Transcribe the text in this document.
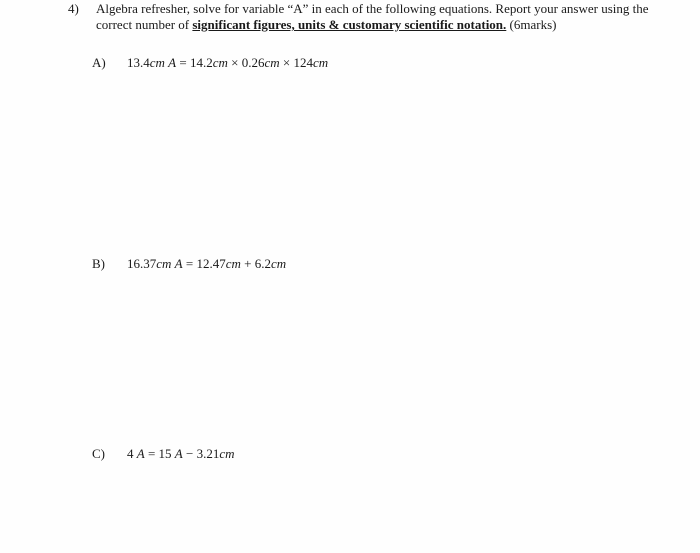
4) Algebra refresher, solve for variable “A” in each of the following equations. Report your answer using the correct number of significant figures, units & customary scientific notation. (6marks)
A)	13.4cm A = 14.2cm × 0.26cm × 124cm
B)	16.37cm A = 12.47cm + 6.2cm
C)	4 A = 15 A − 3.21cm
